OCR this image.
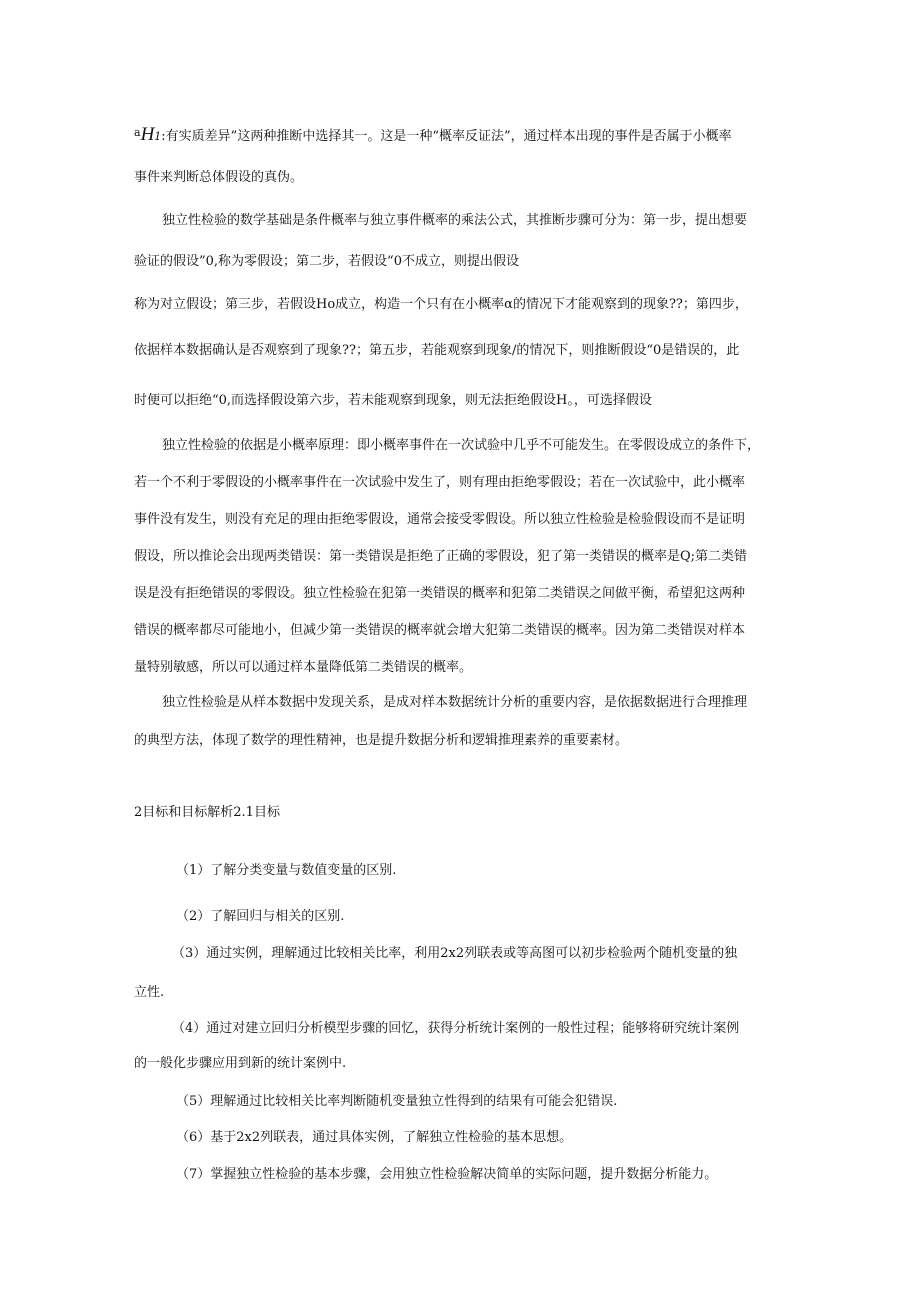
$^a$H1:有实质差异”这两种推断中选择其一。这是一种“概率反证法”，通过样本出现的事件是否属于小概率

事件来判断总体假设的真伪。

独立性检验的数学基础是条件概率与独立事件概率的乘法公式，其推断步骤可分为：第一步，提出想要

验证的假设”0,称为零假设；第二步，若假设“0不成立，则提出假设

称为对立假设；第三步，若假设Ho成立，构造一个只有在小概率α的情况下才能观察到的现象??；第四步，

依据样本数据确认是否观察到了现象??；第五步，若能观察到现象/的情况下，则推断假设“0是错误的，此

时便可以拒绝“0,而选择假设第六步，若未能观察到现象，则无法拒绝假设H。，可选择假设

独立性检验的依据是小概率原理：即小概率事件在一次试验中几乎不可能发生。在零假设成立的条件下，

若一个不利于零假设的小概率事件在一次试验中发生了，则有理由拒绝零假设；若在一次试验中，此小概率

事件没有发生，则没有充足的理由拒绝零假设，通常会接受零假设。所以独立性检验是检验假设而不是证明

假设，所以推论会出现两类错误：第一类错误是拒绝了正确的零假设，犯了第一类错误的概率是Q;第二类错

误是没有拒绝错误的零假设。独立性检验在犯第一类错误的概率和犯第二类错误之间做平衡，希望犯这两种

错误的概率都尽可能地小，但减少第一类错误的概率就会增大犯第二类错误的概率。因为第二类错误对样本

量特别敏感，所以可以通过样本量降低第二类错误的概率。

独立性检验是从样本数据中发现关系，是成对样本数据统计分析的重要内容，是依据数据进行合理推理

的典型方法，体现了数学的理性精神，也是提升数据分析和逻辑推理素养的重要素材。

2目标和目标解析2.1目标

（1）了解分类变量与数值变量的区别.

（2）了解回归与相关的区别.

（3）通过实例，理解通过比较相关比率，利用2x2列联表或等高图可以初步检验两个随机变量的独

立性.

（4）通过对建立回归分析模型步骤的回忆，获得分析统计案例的一般性过程；能够将研究统计案例

的一般化步骤应用到新的统计案例中.

（5）理解通过比较相关比率判断随机变量独立性得到的结果有可能会犯错误.

（6）基于2x2列联表，通过具体实例，了解独立性检验的基本思想。

（7）掌握独立性检验的基本步骤，会用独立性检验解决简单的实际问题，提升数据分析能力。
